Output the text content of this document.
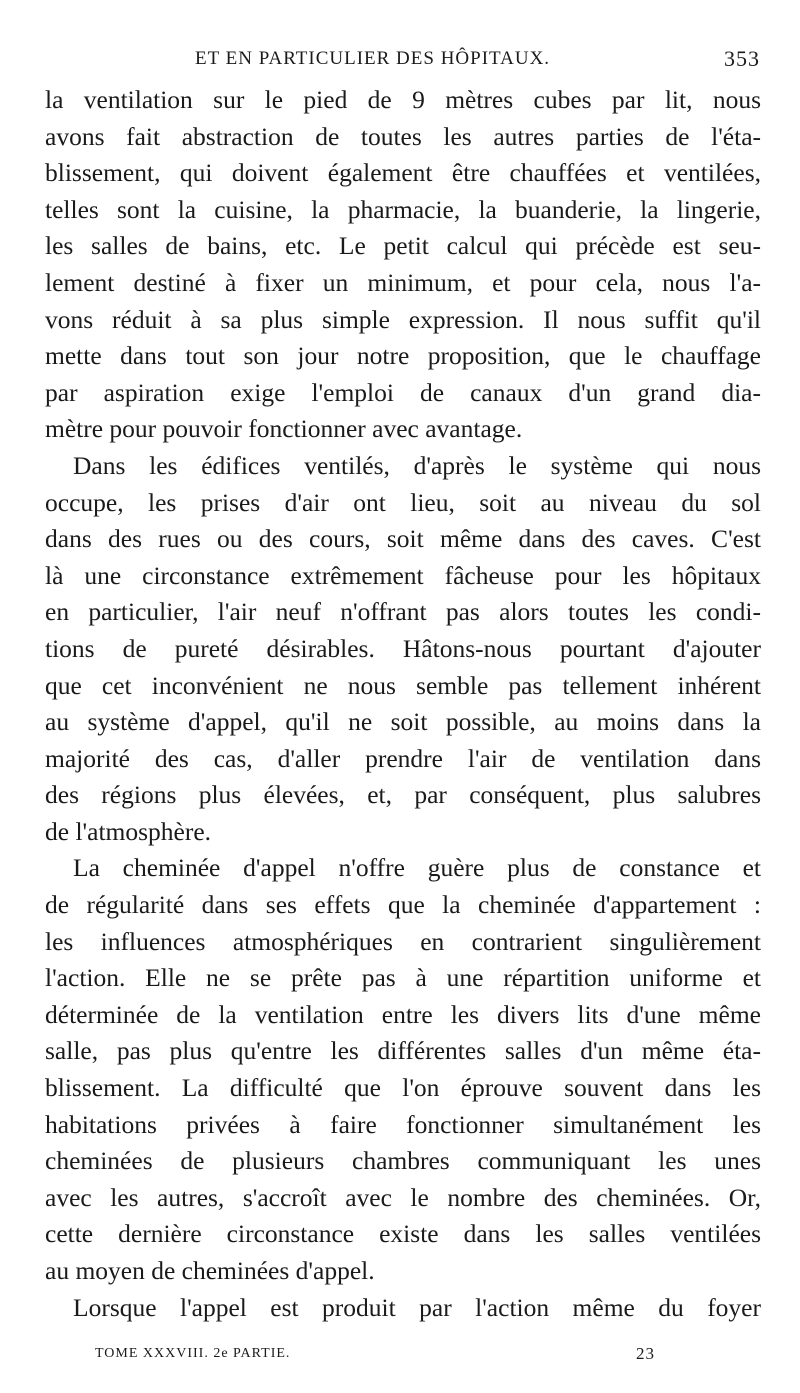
ET EN PARTICULIER DES HÔPITAUX.	353
la ventilation sur le pied de 9 mètres cubes par lit, nous
avons fait abstraction de toutes les autres parties de l'éta-
blissement, qui doivent également être chauffées et ventilées,
telles sont la cuisine, la pharmacie, la buanderie, la lingerie,
les salles de bains, etc. Le petit calcul qui précède est seu-
lement destiné à fixer un minimum, et pour cela, nous l'a-
vons réduit à sa plus simple expression. Il nous suffit qu'il
mette dans tout son jour notre proposition, que le chauffage
par aspiration exige l'emploi de canaux d'un grand dia-
mètre pour pouvoir fonctionner avec avantage.
Dans les édifices ventilés, d'après le système qui nous
occupe, les prises d'air ont lieu, soit au niveau du sol
dans des rues ou des cours, soit même dans des caves. C'est
là une circonstance extrêmement fâcheuse pour les hôpitaux
en particulier, l'air neuf n'offrant pas alors toutes les condi-
tions de pureté désirables. Hâtons-nous pourtant d'ajouter
que cet inconvénient ne nous semble pas tellement inhérent
au système d'appel, qu'il ne soit possible, au moins dans la
majorité des cas, d'aller prendre l'air de ventilation dans
des régions plus élevées, et, par conséquent, plus salubres
de l'atmosphère.
La cheminée d'appel n'offre guère plus de constance et
de régularité dans ses effets que la cheminée d'appartement :
les influences atmosphériques en contrarient singulièrement
l'action. Elle ne se prête pas à une répartition uniforme et
déterminée de la ventilation entre les divers lits d'une même
salle, pas plus qu'entre les différentes salles d'un même éta-
blissement. La difficulté que l'on éprouve souvent dans les
habitations privées à faire fonctionner simultanément les
cheminées de plusieurs chambres communiquant les unes
avec les autres, s'accroît avec le nombre des cheminées. Or,
cette dernière circonstance existe dans les salles ventilées
au moyen de cheminées d'appel.
Lorsque l'appel est produit par l'action même du foyer
TOME XXXVIII. 2e PARTIE.	23
